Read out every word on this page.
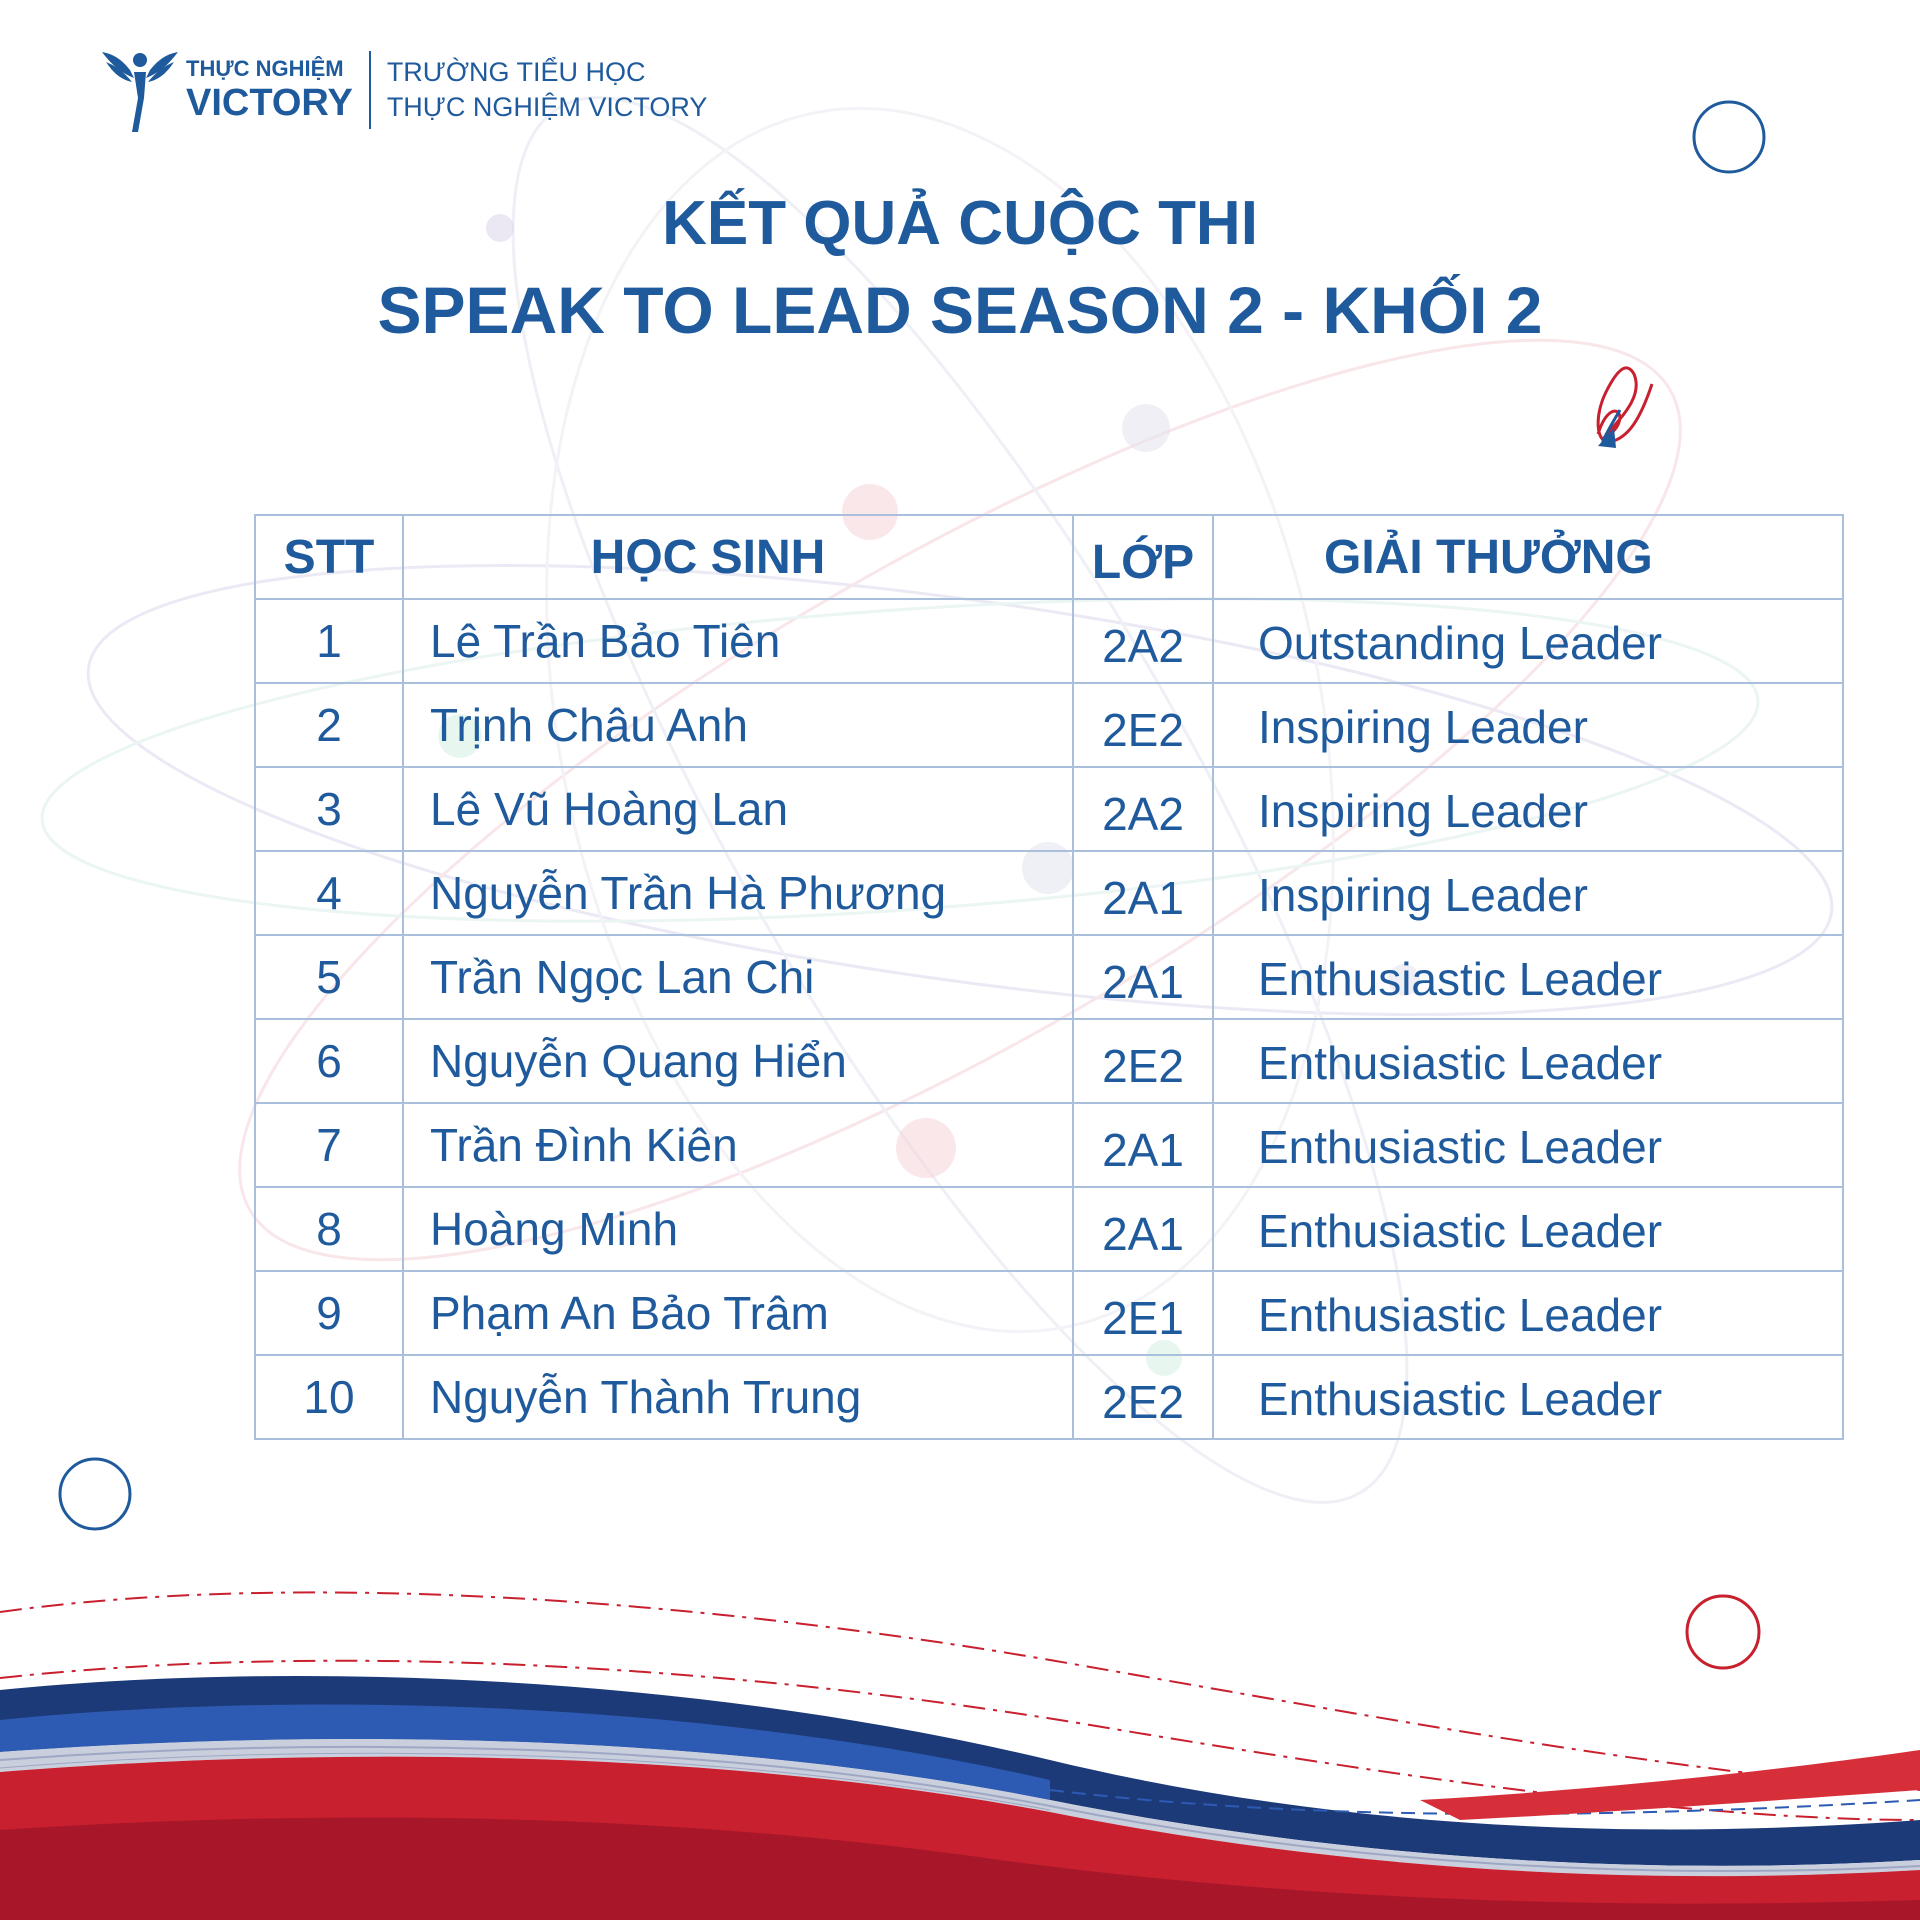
THỰC NGHIỆM
VICTORY
TRƯỜNG TIỂU HỌC
THỰC NGHIỆM VICTORY
KẾT QUẢ CUỘC THI
SPEAK TO LEAD SEASON 2 - KHỐI 2
STT	HỌC SINH	LỚP	GIẢI THƯỞNG
1	Lê Trần Bảo Tiên	2A2	Outstanding Leader
2	Trịnh Châu Anh	2E2	Inspiring Leader
3	Lê Vũ Hoàng Lan	2A2	Inspiring Leader
4	Nguyễn Trần Hà Phương	2A1	Inspiring Leader
5	Trần Ngọc Lan Chi	2A1	Enthusiastic Leader
6	Nguyễn Quang Hiển	2E2	Enthusiastic Leader
7	Trần Đình Kiên	2A1	Enthusiastic Leader
8	Hoàng Minh	2A1	Enthusiastic Leader
9	Phạm An Bảo Trâm	2E1	Enthusiastic Leader
10	Nguyễn Thành Trung	2E2	Enthusiastic Leader
